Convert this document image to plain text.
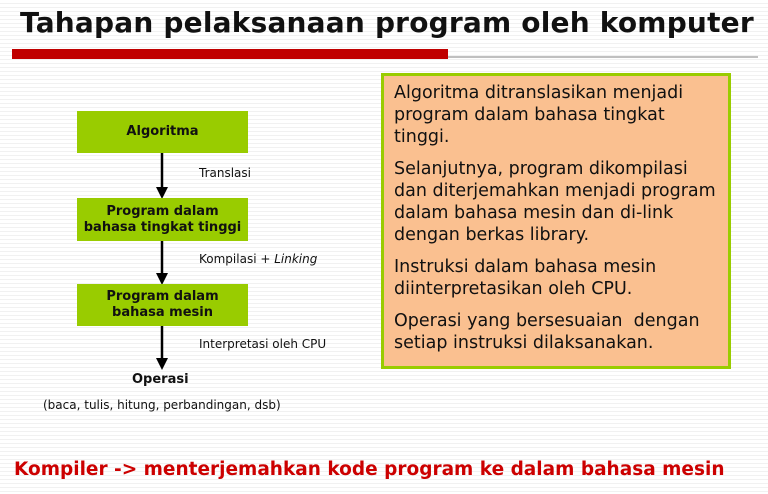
Tahapan pelaksanaan program oleh komputer
Algoritma
Translasi
Program dalam
bahasa tingkat tinggi
Kompilasi + Linking
Program dalam
bahasa mesin
Interpretasi oleh CPU
Operasi
(baca, tulis, hitung, perbandingan, dsb)

Algoritma ditranslasikan menjadi program dalam bahasa tingkat tinggi.

Selanjutnya, program dikompilasi dan diterjemahkan menjadi program dalam bahasa mesin dan di-link dengan berkas library.

Instruksi dalam bahasa mesin diinterpretasikan oleh CPU.

Operasi yang bersesuaian  dengan setiap instruksi dilaksanakan.

Kompiler -> menterjemahkan kode program ke dalam bahasa mesin
